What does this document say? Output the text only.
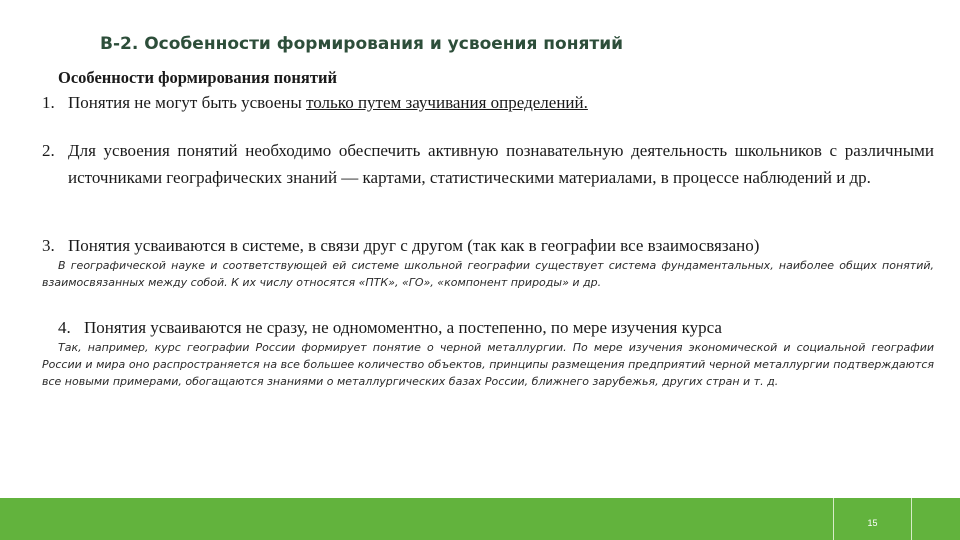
В-2. Особенности формирования и усвоения понятий
Особенности формирования понятий
1. Понятия не могут быть усвоены только путем заучивания определений.
2. Для усвоения понятий необходимо обеспечить активную познавательную деятельность школьников с различными источниками географических знаний — картами, статистическими материалами, в процессе наблюдений и др.
3. Понятия усваиваются в системе, в связи друг с другом (так как в географии все взаимосвязано)
В географической науке и соответствующей ей системе школьной географии существует система фундаментальных, наиболее общих понятий, взаимосвязанных между собой. К их числу относятся «ПТК», «ГО», «компонент природы» и др.
4. Понятия усваиваются не сразу, не одномоментно, а постепенно, по мере изучения курса
Так, например, курс географии России формирует понятие о черной металлургии. По мере изучения экономической и социальной географии России и мира оно распространяется на все большее количество объектов, принципы размещения предприятий черной металлургии подтверждаются все новыми примерами, обогащаются знаниями о металлургических базах России, ближнего зарубежья, других стран и т. д.
15
